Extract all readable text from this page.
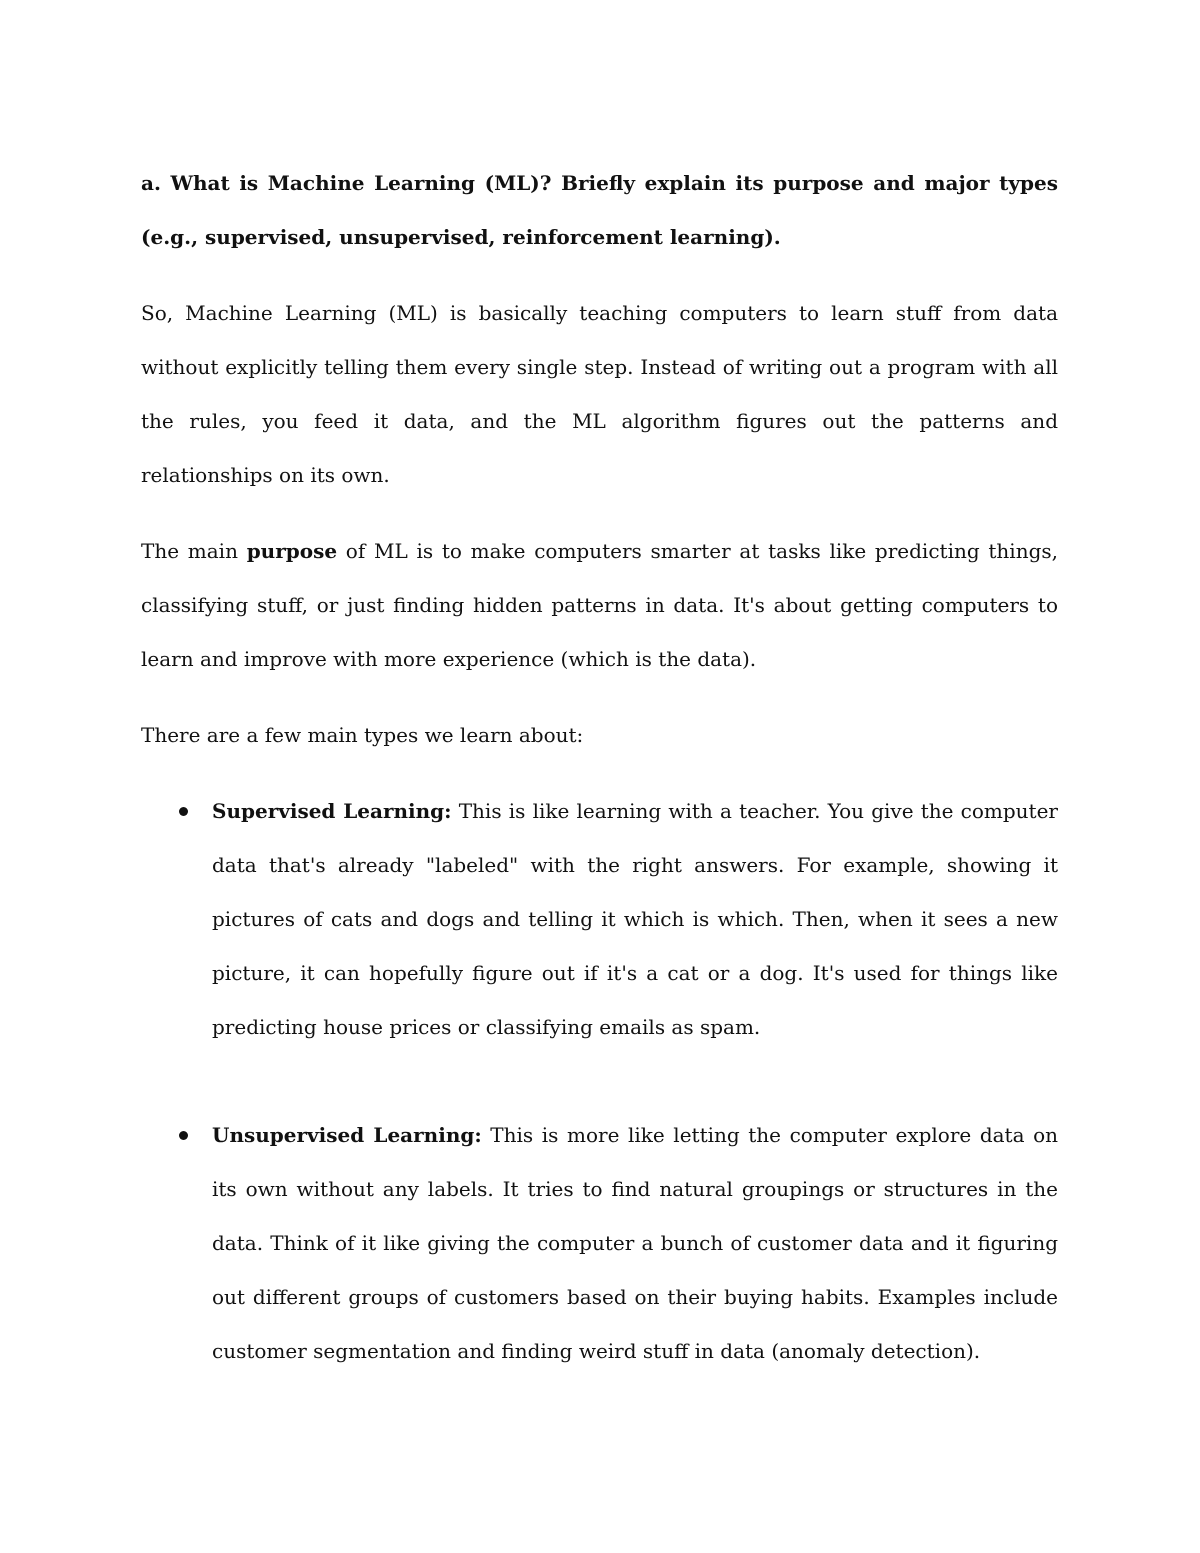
a. What is Machine Learning (ML)? Briefly explain its purpose and major types (e.g., supervised, unsupervised, reinforcement learning).

So, Machine Learning (ML) is basically teaching computers to learn stuff from data without explicitly telling them every single step. Instead of writing out a program with all the rules, you feed it data, and the ML algorithm figures out the patterns and relationships on its own.

The main purpose of ML is to make computers smarter at tasks like predicting things, classifying stuff, or just finding hidden patterns in data. It's about getting computers to learn and improve with more experience (which is the data).

There are a few main types we learn about:

Supervised Learning: This is like learning with a teacher. You give the computer data that's already "labeled" with the right answers. For example, showing it pictures of cats and dogs and telling it which is which. Then, when it sees a new picture, it can hopefully figure out if it's a cat or a dog. It's used for things like predicting house prices or classifying emails as spam.
Unsupervised Learning: This is more like letting the computer explore data on its own without any labels. It tries to find natural groupings or structures in the data. Think of it like giving the computer a bunch of customer data and it figuring out different groups of customers based on their buying habits. Examples include customer segmentation and finding weird stuff in data (anomaly detection).
